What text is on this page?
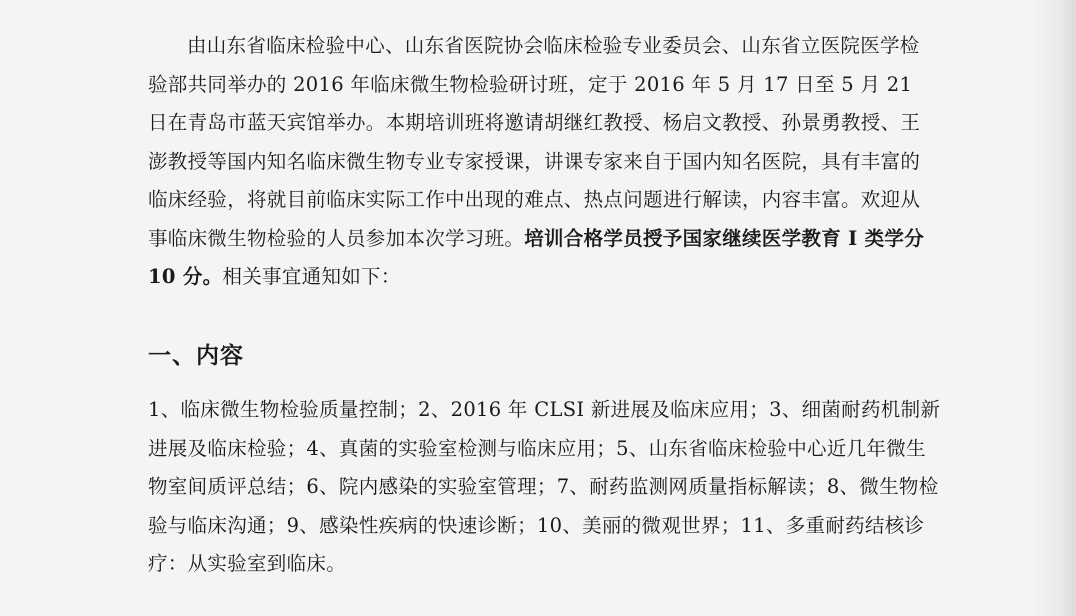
由山东省临床检验中心、山东省医院协会临床检验专业委员会、山东省立医院医学检验部共同举办的 2016 年临床微生物检验研讨班，定于 2016 年 5 月 17 日至 5 月 21 日在青岛市蓝天宾馆举办。本期培训班将邀请胡继红教授、杨启文教授、孙景勇教授、王澎教授等国内知名临床微生物专业专家授课，讲课专家来自于国内知名医院，具有丰富的临床经验，将就目前临床实际工作中出现的难点、热点问题进行解读，内容丰富。欢迎从事临床微生物检验的人员参加本次学习班。培训合格学员授予国家继续医学教育 I 类学分 10 分。相关事宜通知如下：

一、内容

1、临床微生物检验质量控制；2、2016 年 CLSI 新进展及临床应用；3、细菌耐药机制新进展及临床检验；4、真菌的实验室检测与临床应用；5、山东省临床检验中心近几年微生物室间质评总结；6、院内感染的实验室管理；7、耐药监测网质量指标解读；8、微生物检验与临床沟通；9、感染性疾病的快速诊断；10、美丽的微观世界；11、多重耐药结核诊疗：从实验室到临床。
